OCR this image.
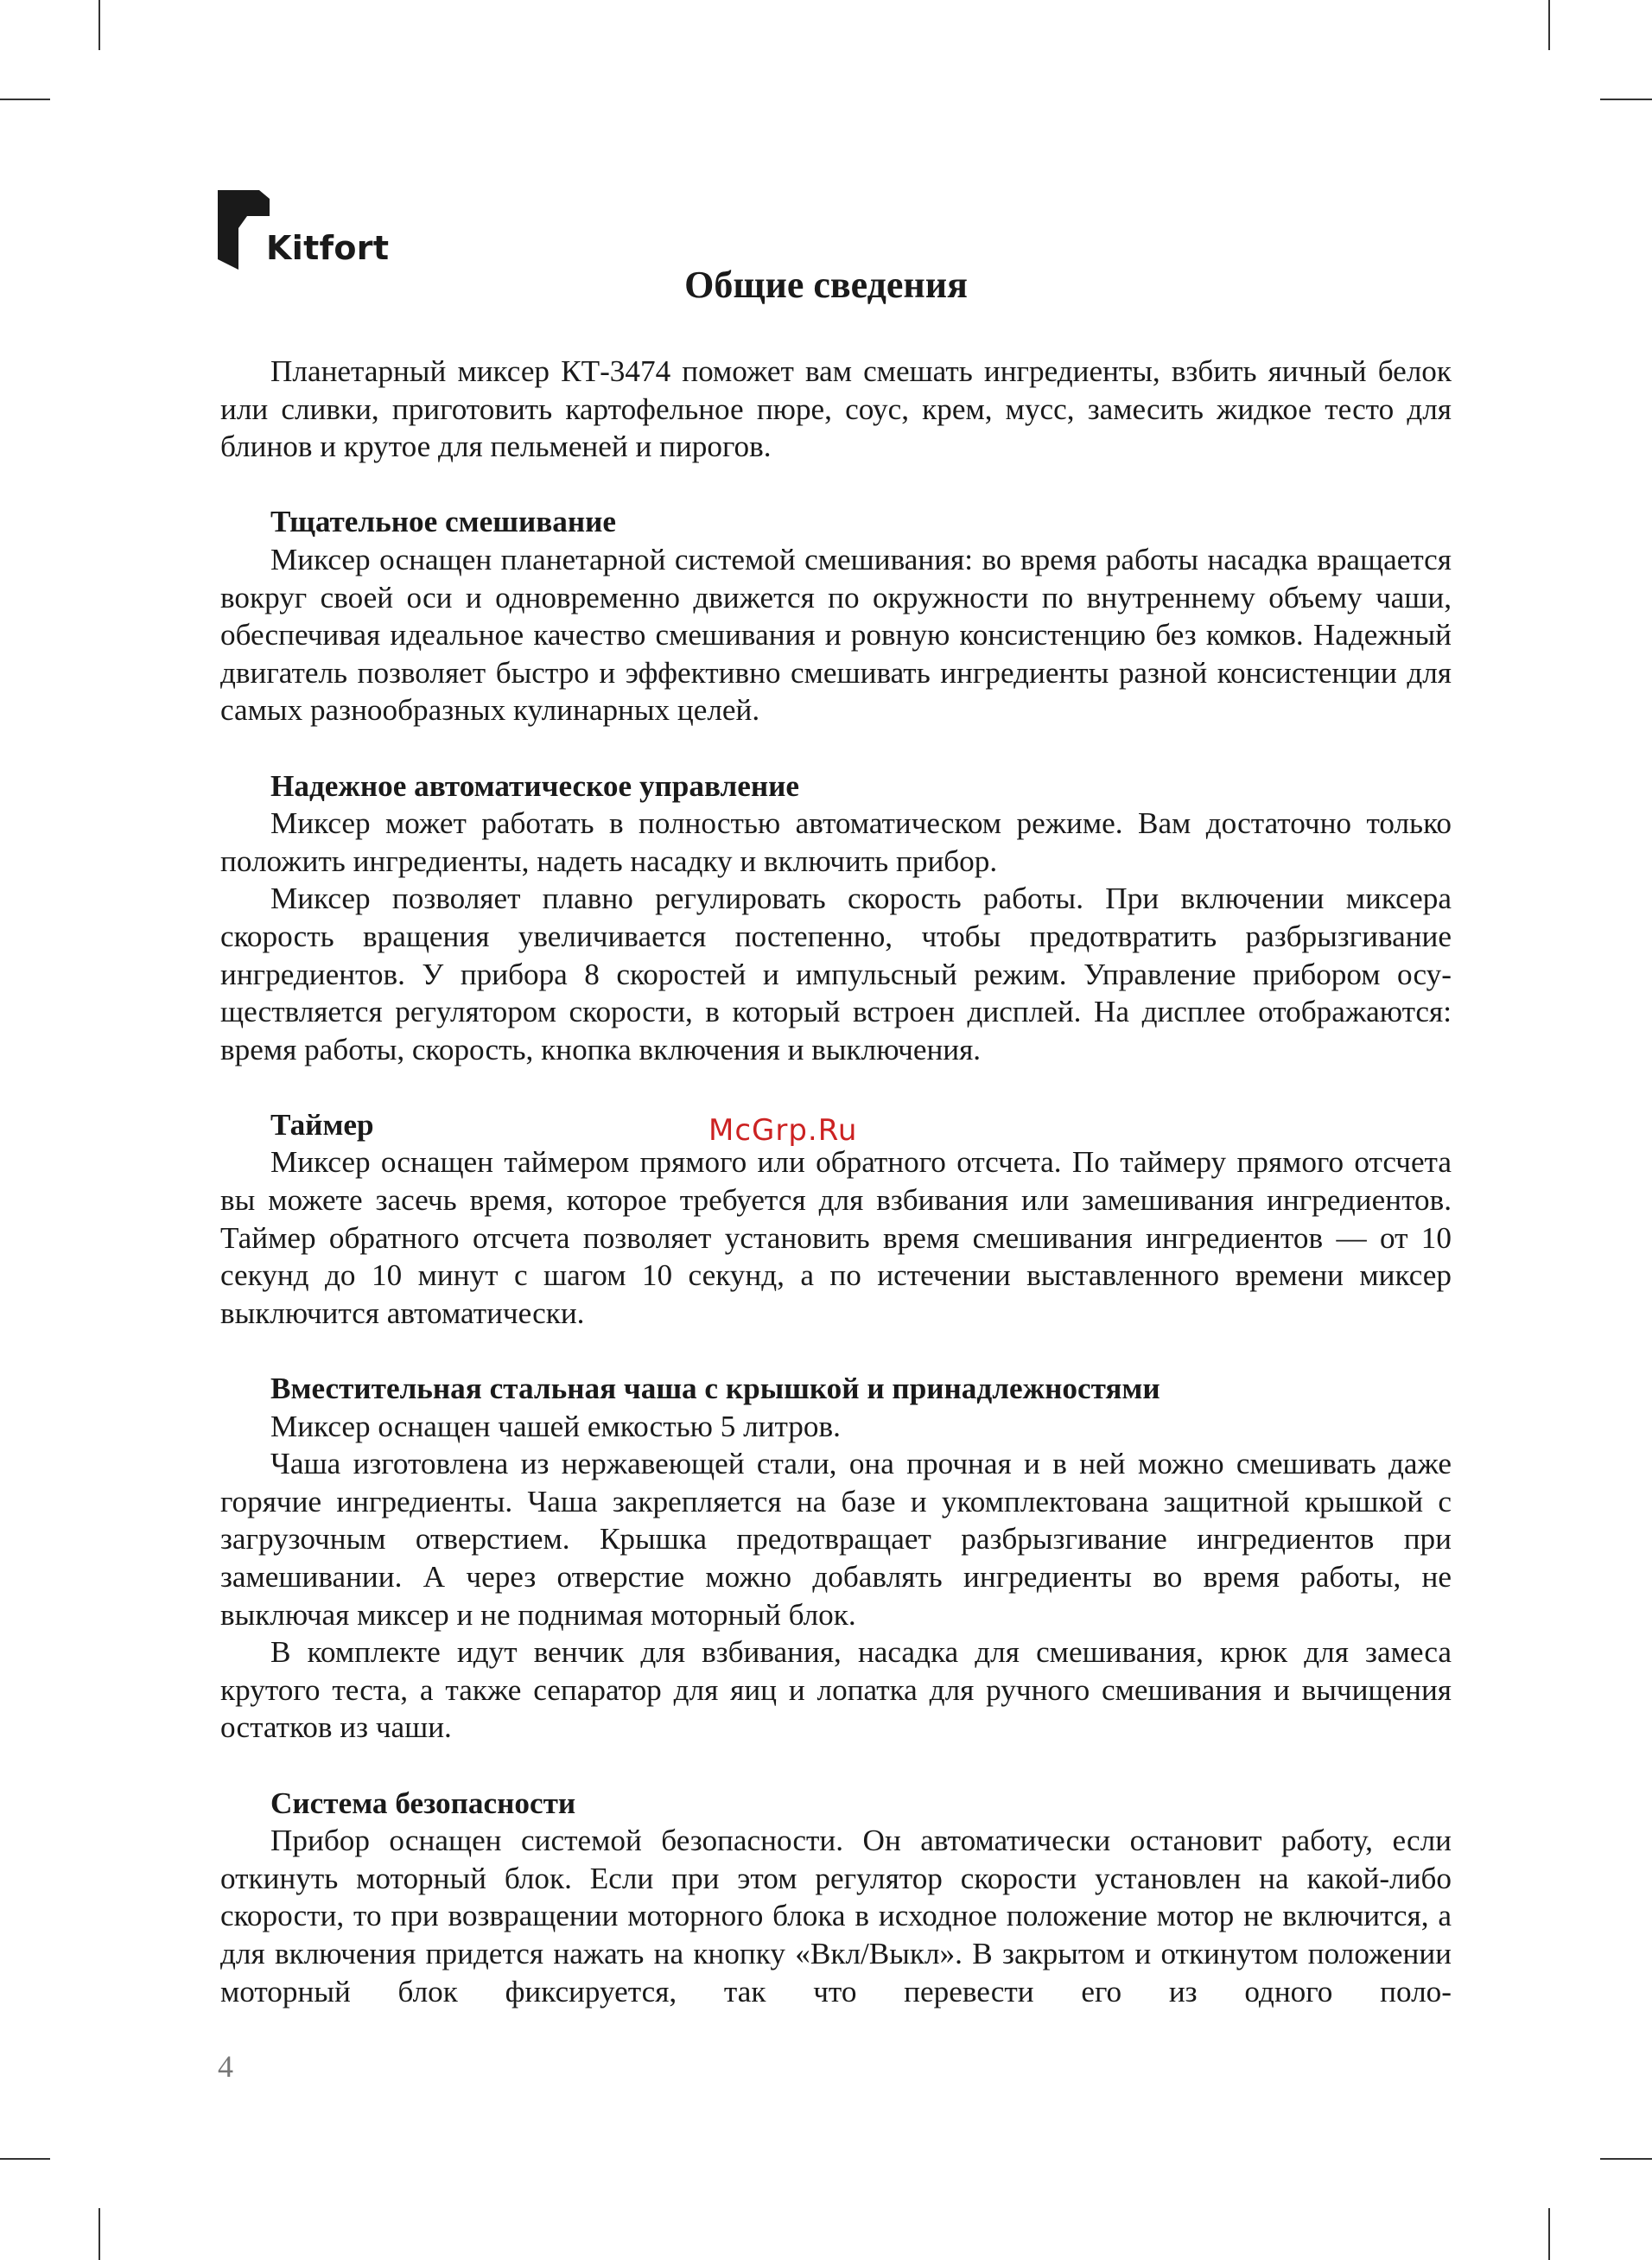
Kitfort
Общие сведения

Планетарный миксер КТ-3474 поможет вам смешать ингредиенты, взбить яичный белок или сливки, приготовить картофельное пюре, соус, крем, мусс, замесить жидкое тесто для блинов и крутое для пельменей и пирогов.

Тщательное смешивание

Миксер оснащен планетарной системой смешивания: во время работы насадка вращается вокруг своей оси и одновременно движется по окружности по внутреннему объему чаши, обеспечивая идеальное качество смешивания и ровную консистенцию без комков. Надежный двигатель позволяет быстро и эффективно смешивать ингредиенты разной консистенции для самых разнообразных кулинарных целей.

Надежное автоматическое управление

Миксер может работать в полностью автоматическом режиме. Вам достаточно только положить ингредиенты, надеть насадку и включить прибор.

Миксер позволяет плавно регулировать скорость работы. При включении миксера скорость вращения увеличивается постепенно, чтобы предотвратить разбрызгивание ингредиентов. У прибора 8 скоростей и импульсный режим. Управление прибором осуществляется регулятором скорости, в который встроен дисплей. На дисплее отображаются: время работы, скорость, кнопка включения и выключения.

Таймер

Миксер оснащен таймером прямого или обратного отсчета. По таймеру прямого отсчета вы можете засечь время, которое требуется для взбивания или замешивания ингредиентов. Таймер обратного отсчета позволяет установить время смешивания ингредиентов — от 10 секунд до 10 минут с шагом 10 секунд, а по истечении выставленного времени миксер выключится автоматически.

Вместительная стальная чаша с крышкой и принадлежностями

Миксер оснащен чашей емкостью 5 литров.

Чаша изготовлена из нержавеющей стали, она прочная и в ней можно смешивать даже горячие ингредиенты. Чаша закрепляется на базе и укомплектована защитной крышкой с загрузочным отверстием. Крышка предотвращает разбрызгивание ингредиентов при замешивании. А через отверстие можно добавлять ингредиенты во время работы, не выключая миксер и не поднимая моторный блок.

В комплекте идут венчик для взбивания, насадка для смешивания, крюк для замеса крутого теста, а также сепаратор для яиц и лопатка для ручного смешивания и вычищения остатков из чаши.

Система безопасности

Прибор оснащен системой безопасности. Он автоматически остановит работу, если откинуть моторный блок. Если при этом регулятор скорости установлен на какой-либо скорости, то при возвращении моторного блока в исходное положение мотор не включится, а для включения придется нажать на кнопку «Вкл/Выкл». В закрытом и откинутом положении моторный блок фиксируется, так что перевести его из одного поло-

McGrp.Ru
4
